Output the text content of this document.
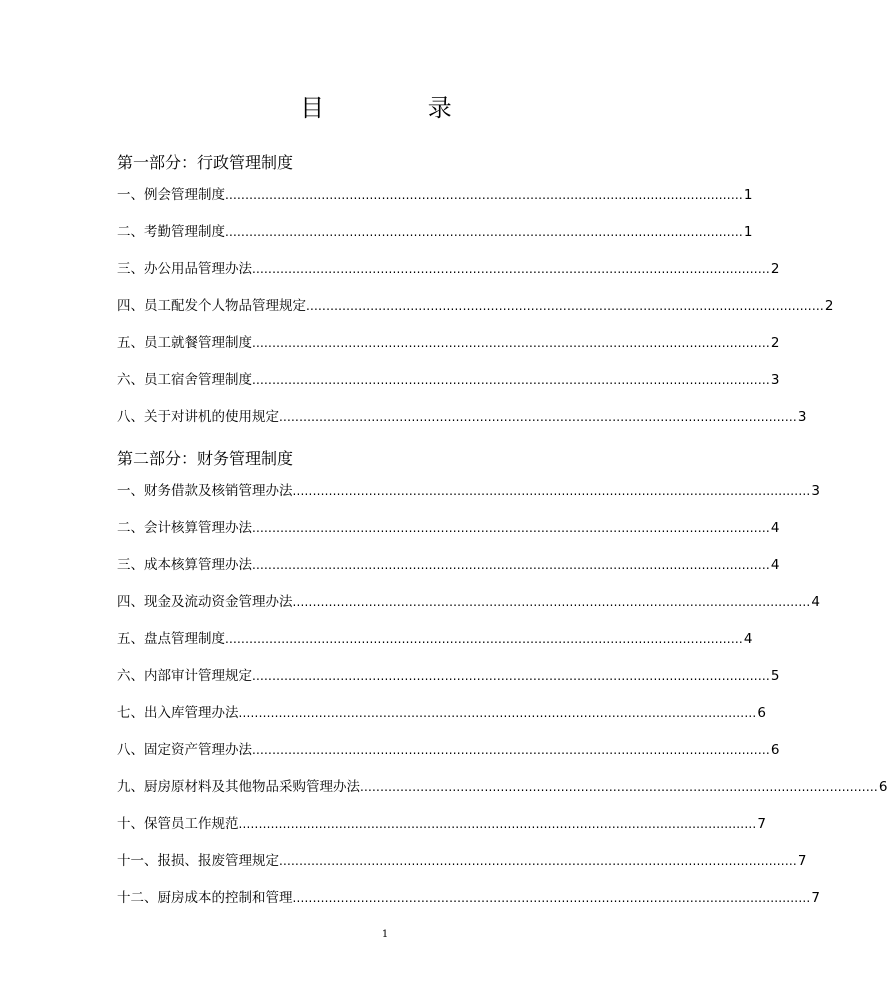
目 录
第一部分：行政管理制度
一、例会管理制度 ................................................................................................................................. 1
二、考勤管理制度 ................................................................................................................................. 1
三、办公用品管理办法 ................................................................................................................................. 2
四、员工配发个人物品管理规定 ................................................................................................................................. 2
五、员工就餐管理制度 ................................................................................................................................. 2
六、员工宿舍管理制度 ................................................................................................................................. 3
八、关于对讲机的使用规定 ................................................................................................................................. 3
第二部分：财务管理制度
一、财务借款及核销管理办法 ................................................................................................................................. 3
二、会计核算管理办法 ................................................................................................................................. 4
三、成本核算管理办法 ................................................................................................................................. 4
四、现金及流动资金管理办法 ................................................................................................................................. 4
五、盘点管理制度 ................................................................................................................................. 4
六、内部审计管理规定 ................................................................................................................................. 5
七、出入库管理办法 ................................................................................................................................. 6
八、固定资产管理办法 ................................................................................................................................. 6
九、厨房原材料及其他物品采购管理办法 ................................................................................................................................. 6
十、保管员工作规范 ................................................................................................................................. 7
十一、报损、报废管理规定 ................................................................................................................................. 7
十二、厨房成本的控制和管理 ................................................................................................................................. 7
1
